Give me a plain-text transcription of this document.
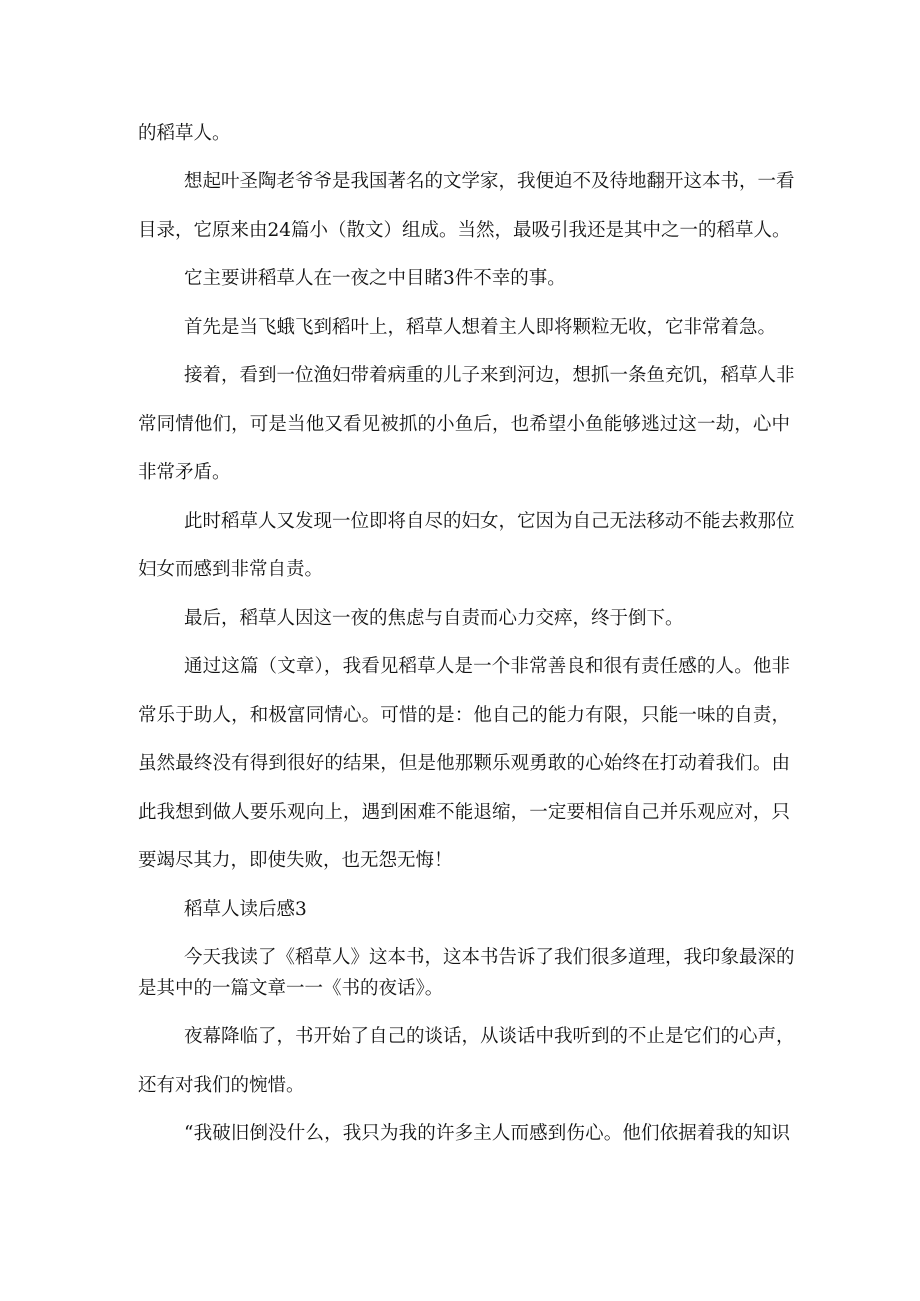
的稻草人。
想起叶圣陶老爷爷是我国著名的文学家，我便迫不及待地翻开这本书，一看
目录，它原来由24篇小（散文）组成。当然，最吸引我还是其中之一的稻草人。
它主要讲稻草人在一夜之中目睹3件不幸的事。
首先是当飞蛾飞到稻叶上，稻草人想着主人即将颗粒无收，它非常着急。
接着，看到一位渔妇带着病重的儿子来到河边，想抓一条鱼充饥，稻草人非
常同情他们，可是当他又看见被抓的小鱼后，也希望小鱼能够逃过这一劫，心中
非常矛盾。
此时稻草人又发现一位即将自尽的妇女，它因为自己无法移动不能去救那位
妇女而感到非常自责。
最后，稻草人因这一夜的焦虑与自责而心力交瘁，终于倒下。
通过这篇（文章），我看见稻草人是一个非常善良和很有责任感的人。他非
常乐于助人，和极富同情心。可惜的是：他自己的能力有限，只能一味的自责，
虽然最终没有得到很好的结果，但是他那颗乐观勇敢的心始终在打动着我们。由
此我想到做人要乐观向上，遇到困难不能退缩，一定要相信自己并乐观应对，只
要竭尽其力，即使失败，也无怨无悔！
稻草人读后感3
今天我读了《稻草人》这本书，这本书告诉了我们很多道理，我印象最深的
是其中的一篇文章一一《书的夜话》。
夜幕降临了，书开始了自己的谈话，从谈话中我听到的不止是它们的心声，
还有对我们的惋惜。
“我破旧倒没什么，我只为我的许多主人而感到伤心。他们依据着我的知识
